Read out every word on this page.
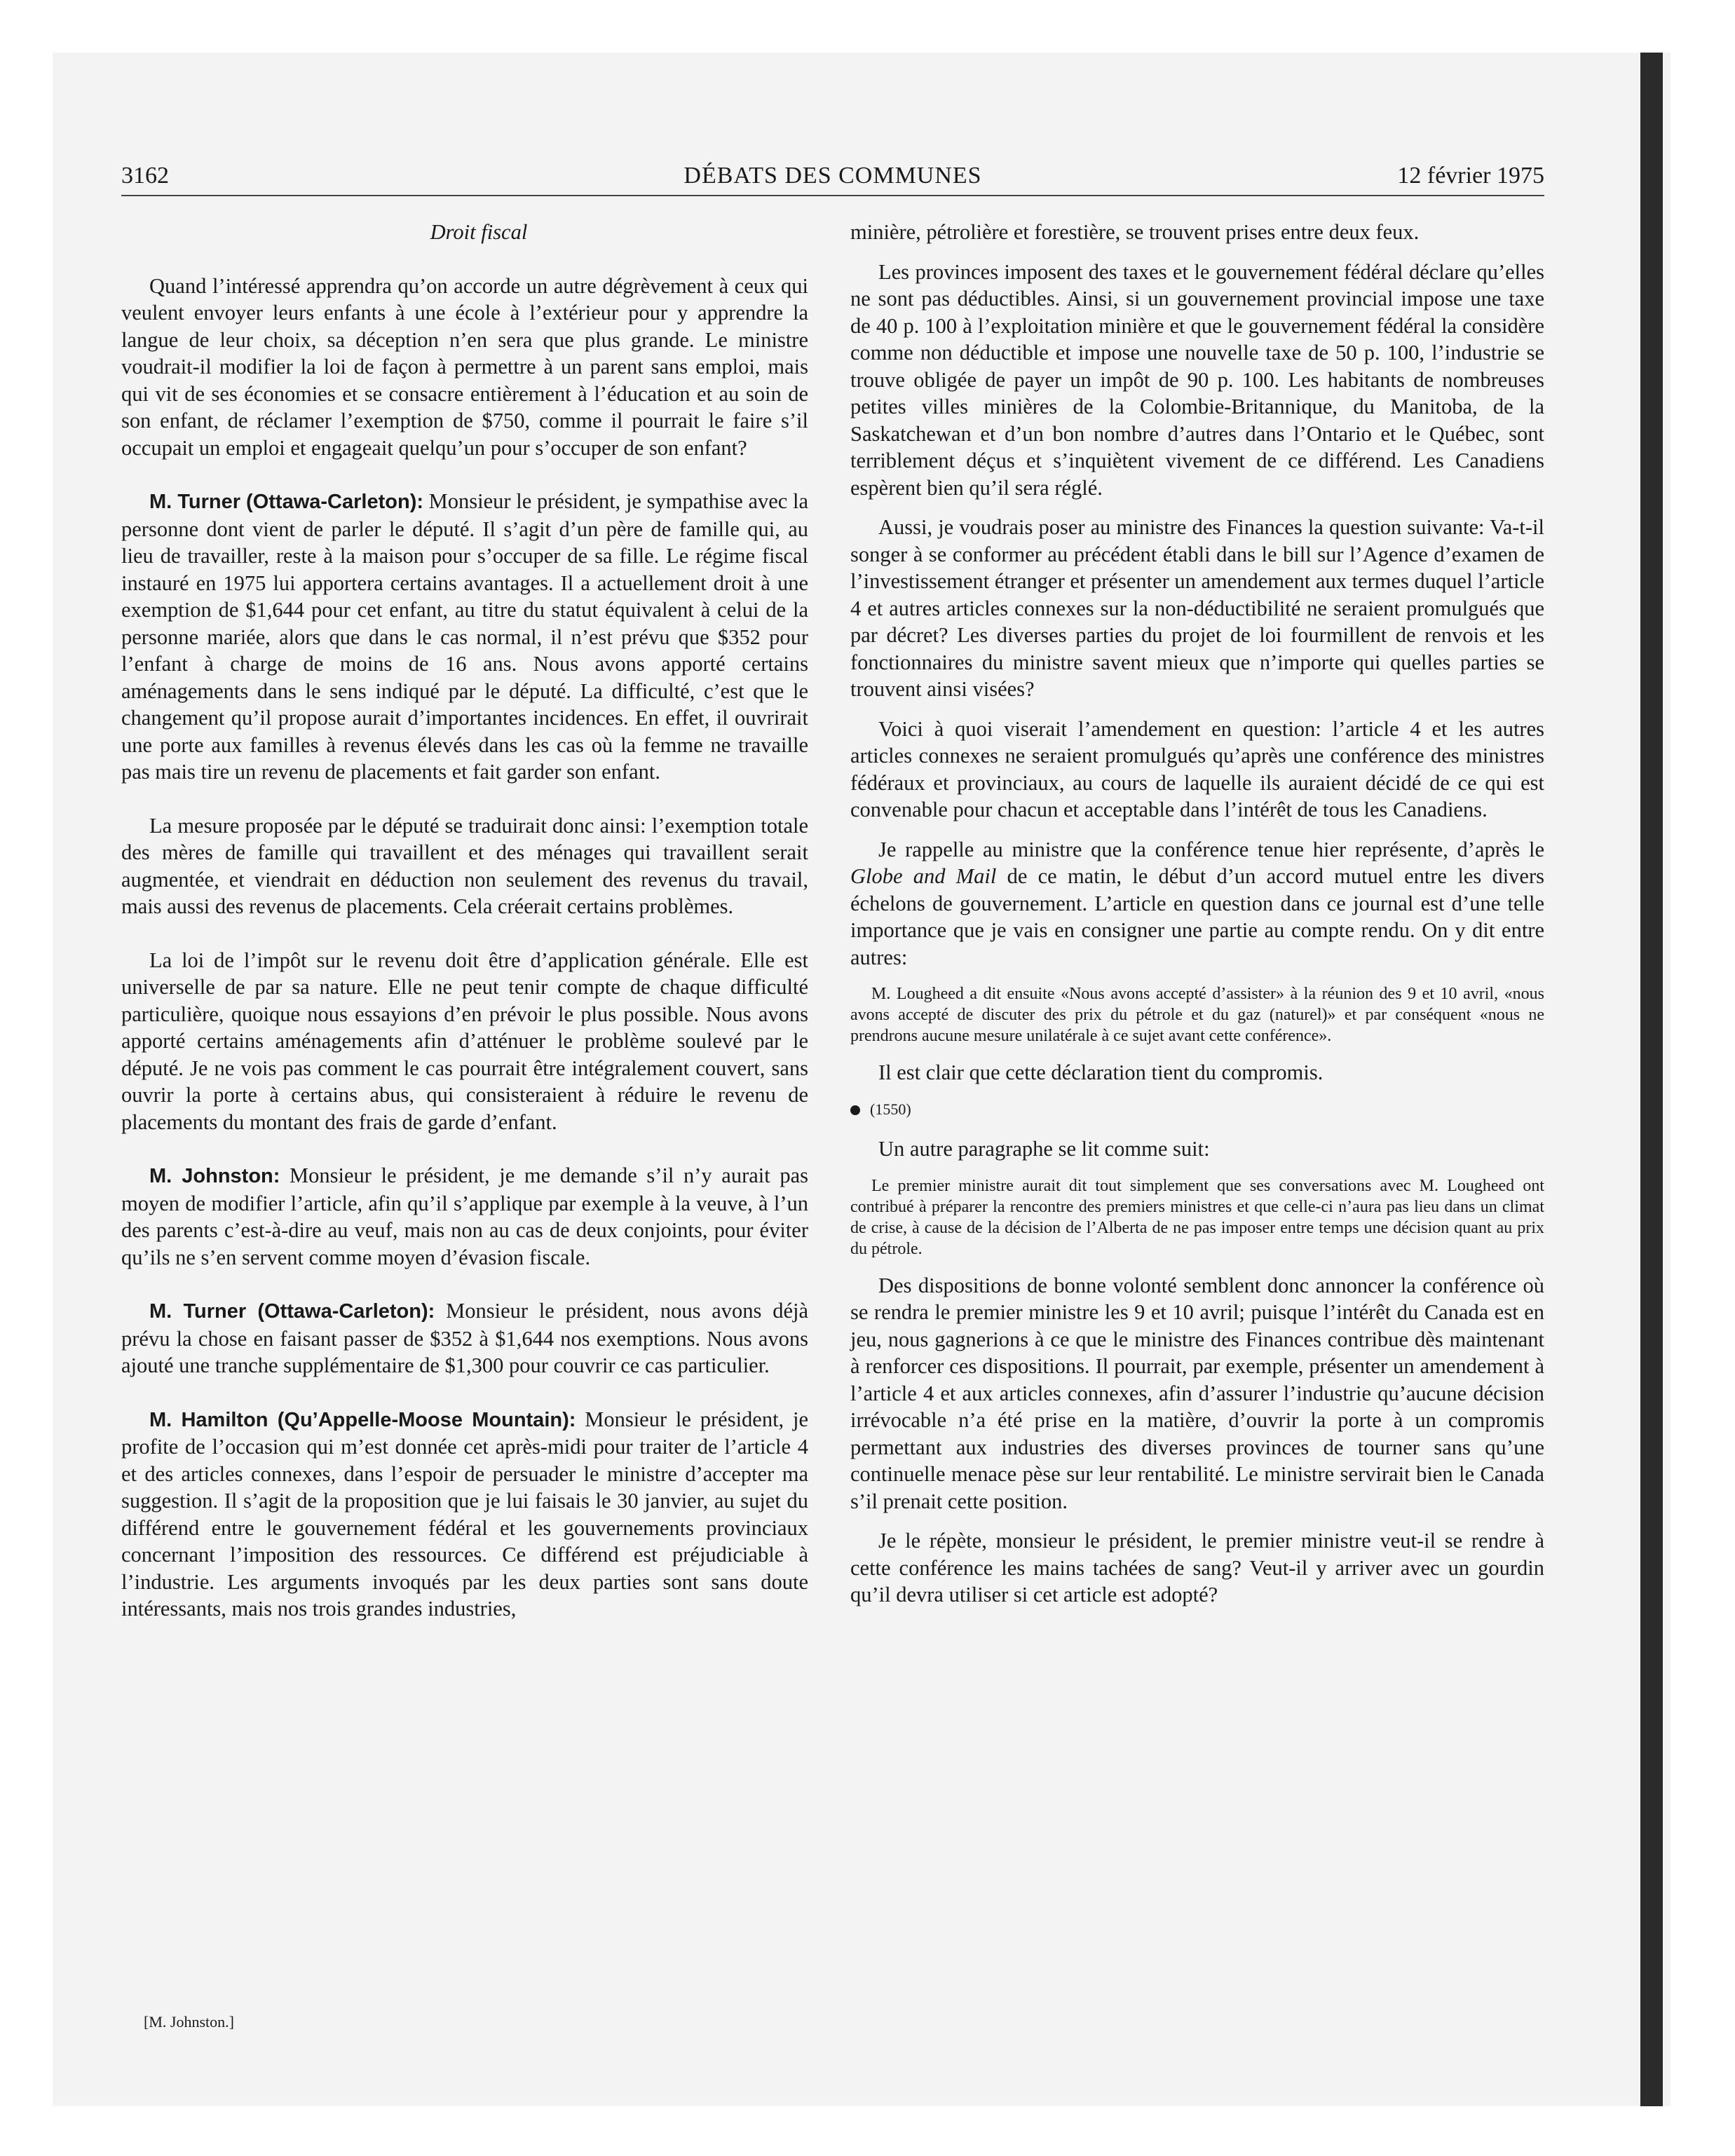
3162	DÉBATS DES COMMUNES	12 février 1975

Droit fiscal

Quand l’intéressé apprendra qu’on accorde un autre dégrèvement à ceux qui veulent envoyer leurs enfants à une école à l’extérieur pour y apprendre la langue de leur choix, sa déception n’en sera que plus grande. Le ministre voudrait-il modifier la loi de façon à permettre à un parent sans emploi, mais qui vit de ses économies et se consacre entièrement à l’éducation et au soin de son enfant, de réclamer l’exemption de $750, comme il pourrait le faire s’il occupait un emploi et engageait quelqu’un pour s’occuper de son enfant?

M. Turner (Ottawa-Carleton): Monsieur le président, je sympathise avec la personne dont vient de parler le député. Il s’agit d’un père de famille qui, au lieu de travailler, reste à la maison pour s’occuper de sa fille. Le régime fiscal instauré en 1975 lui apportera certains avantages. Il a actuellement droit à une exemption de $1,644 pour cet enfant, au titre du statut équivalent à celui de la personne mariée, alors que dans le cas normal, il n’est prévu que $352 pour l’enfant à charge de moins de 16 ans. Nous avons apporté certains aménagements dans le sens indiqué par le député. La difficulté, c’est que le changement qu’il propose aurait d’importantes incidences. En effet, il ouvrirait une porte aux familles à revenus élevés dans les cas où la femme ne travaille pas mais tire un revenu de placements et fait garder son enfant.

La mesure proposée par le député se traduirait donc ainsi: l’exemption totale des mères de famille qui travaillent et des ménages qui travaillent serait augmentée, et viendrait en déduction non seulement des revenus du travail, mais aussi des revenus de placements. Cela créerait certains problèmes.

La loi de l’impôt sur le revenu doit être d’application générale. Elle est universelle de par sa nature. Elle ne peut tenir compte de chaque difficulté particulière, quoique nous essayions d’en prévoir le plus possible. Nous avons apporté certains aménagements afin d’atténuer le problème soulevé par le député. Je ne vois pas comment le cas pourrait être intégralement couvert, sans ouvrir la porte à certains abus, qui consisteraient à réduire le revenu de placements du montant des frais de garde d’enfant.

M. Johnston: Monsieur le président, je me demande s’il n’y aurait pas moyen de modifier l’article, afin qu’il s’applique par exemple à la veuve, à l’un des parents c’est-à-dire au veuf, mais non au cas de deux conjoints, pour éviter qu’ils ne s’en servent comme moyen d’évasion fiscale.

M. Turner (Ottawa-Carleton): Monsieur le président, nous avons déjà prévu la chose en faisant passer de $352 à $1,644 nos exemptions. Nous avons ajouté une tranche supplémentaire de $1,300 pour couvrir ce cas particulier.

M. Hamilton (Qu’Appelle-Moose Mountain): Monsieur le président, je profite de l’occasion qui m’est donnée cet après-midi pour traiter de l’article 4 et des articles connexes, dans l’espoir de persuader le ministre d’accepter ma suggestion. Il s’agit de la proposition que je lui faisais le 30 janvier, au sujet du différend entre le gouvernement fédéral et les gouvernements provinciaux concernant l’imposition des ressources. Ce différend est préjudiciable à l’industrie. Les arguments invoqués par les deux parties sont sans doute intéressants, mais nos trois grandes industries,

minière, pétrolière et forestière, se trouvent prises entre deux feux.

Les provinces imposent des taxes et le gouvernement fédéral déclare qu’elles ne sont pas déductibles. Ainsi, si un gouvernement provincial impose une taxe de 40 p. 100 à l’exploitation minière et que le gouvernement fédéral la considère comme non déductible et impose une nouvelle taxe de 50 p. 100, l’industrie se trouve obligée de payer un impôt de 90 p. 100. Les habitants de nombreuses petites villes minières de la Colombie-Britannique, du Manitoba, de la Saskatchewan et d’un bon nombre d’autres dans l’Ontario et le Québec, sont terriblement déçus et s’inquiètent vivement de ce différend. Les Canadiens espèrent bien qu’il sera réglé.

Aussi, je voudrais poser au ministre des Finances la question suivante: Va-t-il songer à se conformer au précédent établi dans le bill sur l’Agence d’examen de l’investissement étranger et présenter un amendement aux termes duquel l’article 4 et autres articles connexes sur la non-déductibilité ne seraient promulgués que par décret? Les diverses parties du projet de loi fourmillent de renvois et les fonctionnaires du ministre savent mieux que n’importe qui quelles parties se trouvent ainsi visées?

Voici à quoi viserait l’amendement en question: l’article 4 et les autres articles connexes ne seraient promulgués qu’après une conférence des ministres fédéraux et provinciaux, au cours de laquelle ils auraient décidé de ce qui est convenable pour chacun et acceptable dans l’intérêt de tous les Canadiens.

Je rappelle au ministre que la conférence tenue hier représente, d’après le Globe and Mail de ce matin, le début d’un accord mutuel entre les divers échelons de gouvernement. L’article en question dans ce journal est d’une telle importance que je vais en consigner une partie au compte rendu. On y dit entre autres:

M. Lougheed a dit ensuite «Nous avons accepté d’assister» à la réunion des 9 et 10 avril, «nous avons accepté de discuter des prix du pétrole et du gaz (naturel)» et par conséquent «nous ne prendrons aucune mesure unilatérale à ce sujet avant cette conférence».

Il est clair que cette déclaration tient du compromis.

(1550)

Un autre paragraphe se lit comme suit:

Le premier ministre aurait dit tout simplement que ses conversations avec M. Lougheed ont contribué à préparer la rencontre des premiers ministres et que celle-ci n’aura pas lieu dans un climat de crise, à cause de la décision de l’Alberta de ne pas imposer entre temps une décision quant au prix du pétrole.

Des dispositions de bonne volonté semblent donc annoncer la conférence où se rendra le premier ministre les 9 et 10 avril; puisque l’intérêt du Canada est en jeu, nous gagnerions à ce que le ministre des Finances contribue dès maintenant à renforcer ces dispositions. Il pourrait, par exemple, présenter un amendement à l’article 4 et aux articles connexes, afin d’assurer l’industrie qu’aucune décision irrévocable n’a été prise en la matière, d’ouvrir la porte à un compromis permettant aux industries des diverses provinces de tourner sans qu’une continuelle menace pèse sur leur rentabilité. Le ministre servirait bien le Canada s’il prenait cette position.

Je le répète, monsieur le président, le premier ministre veut-il se rendre à cette conférence les mains tachées de sang? Veut-il y arriver avec un gourdin qu’il devra utiliser si cet article est adopté?

[M. Johnston.]
